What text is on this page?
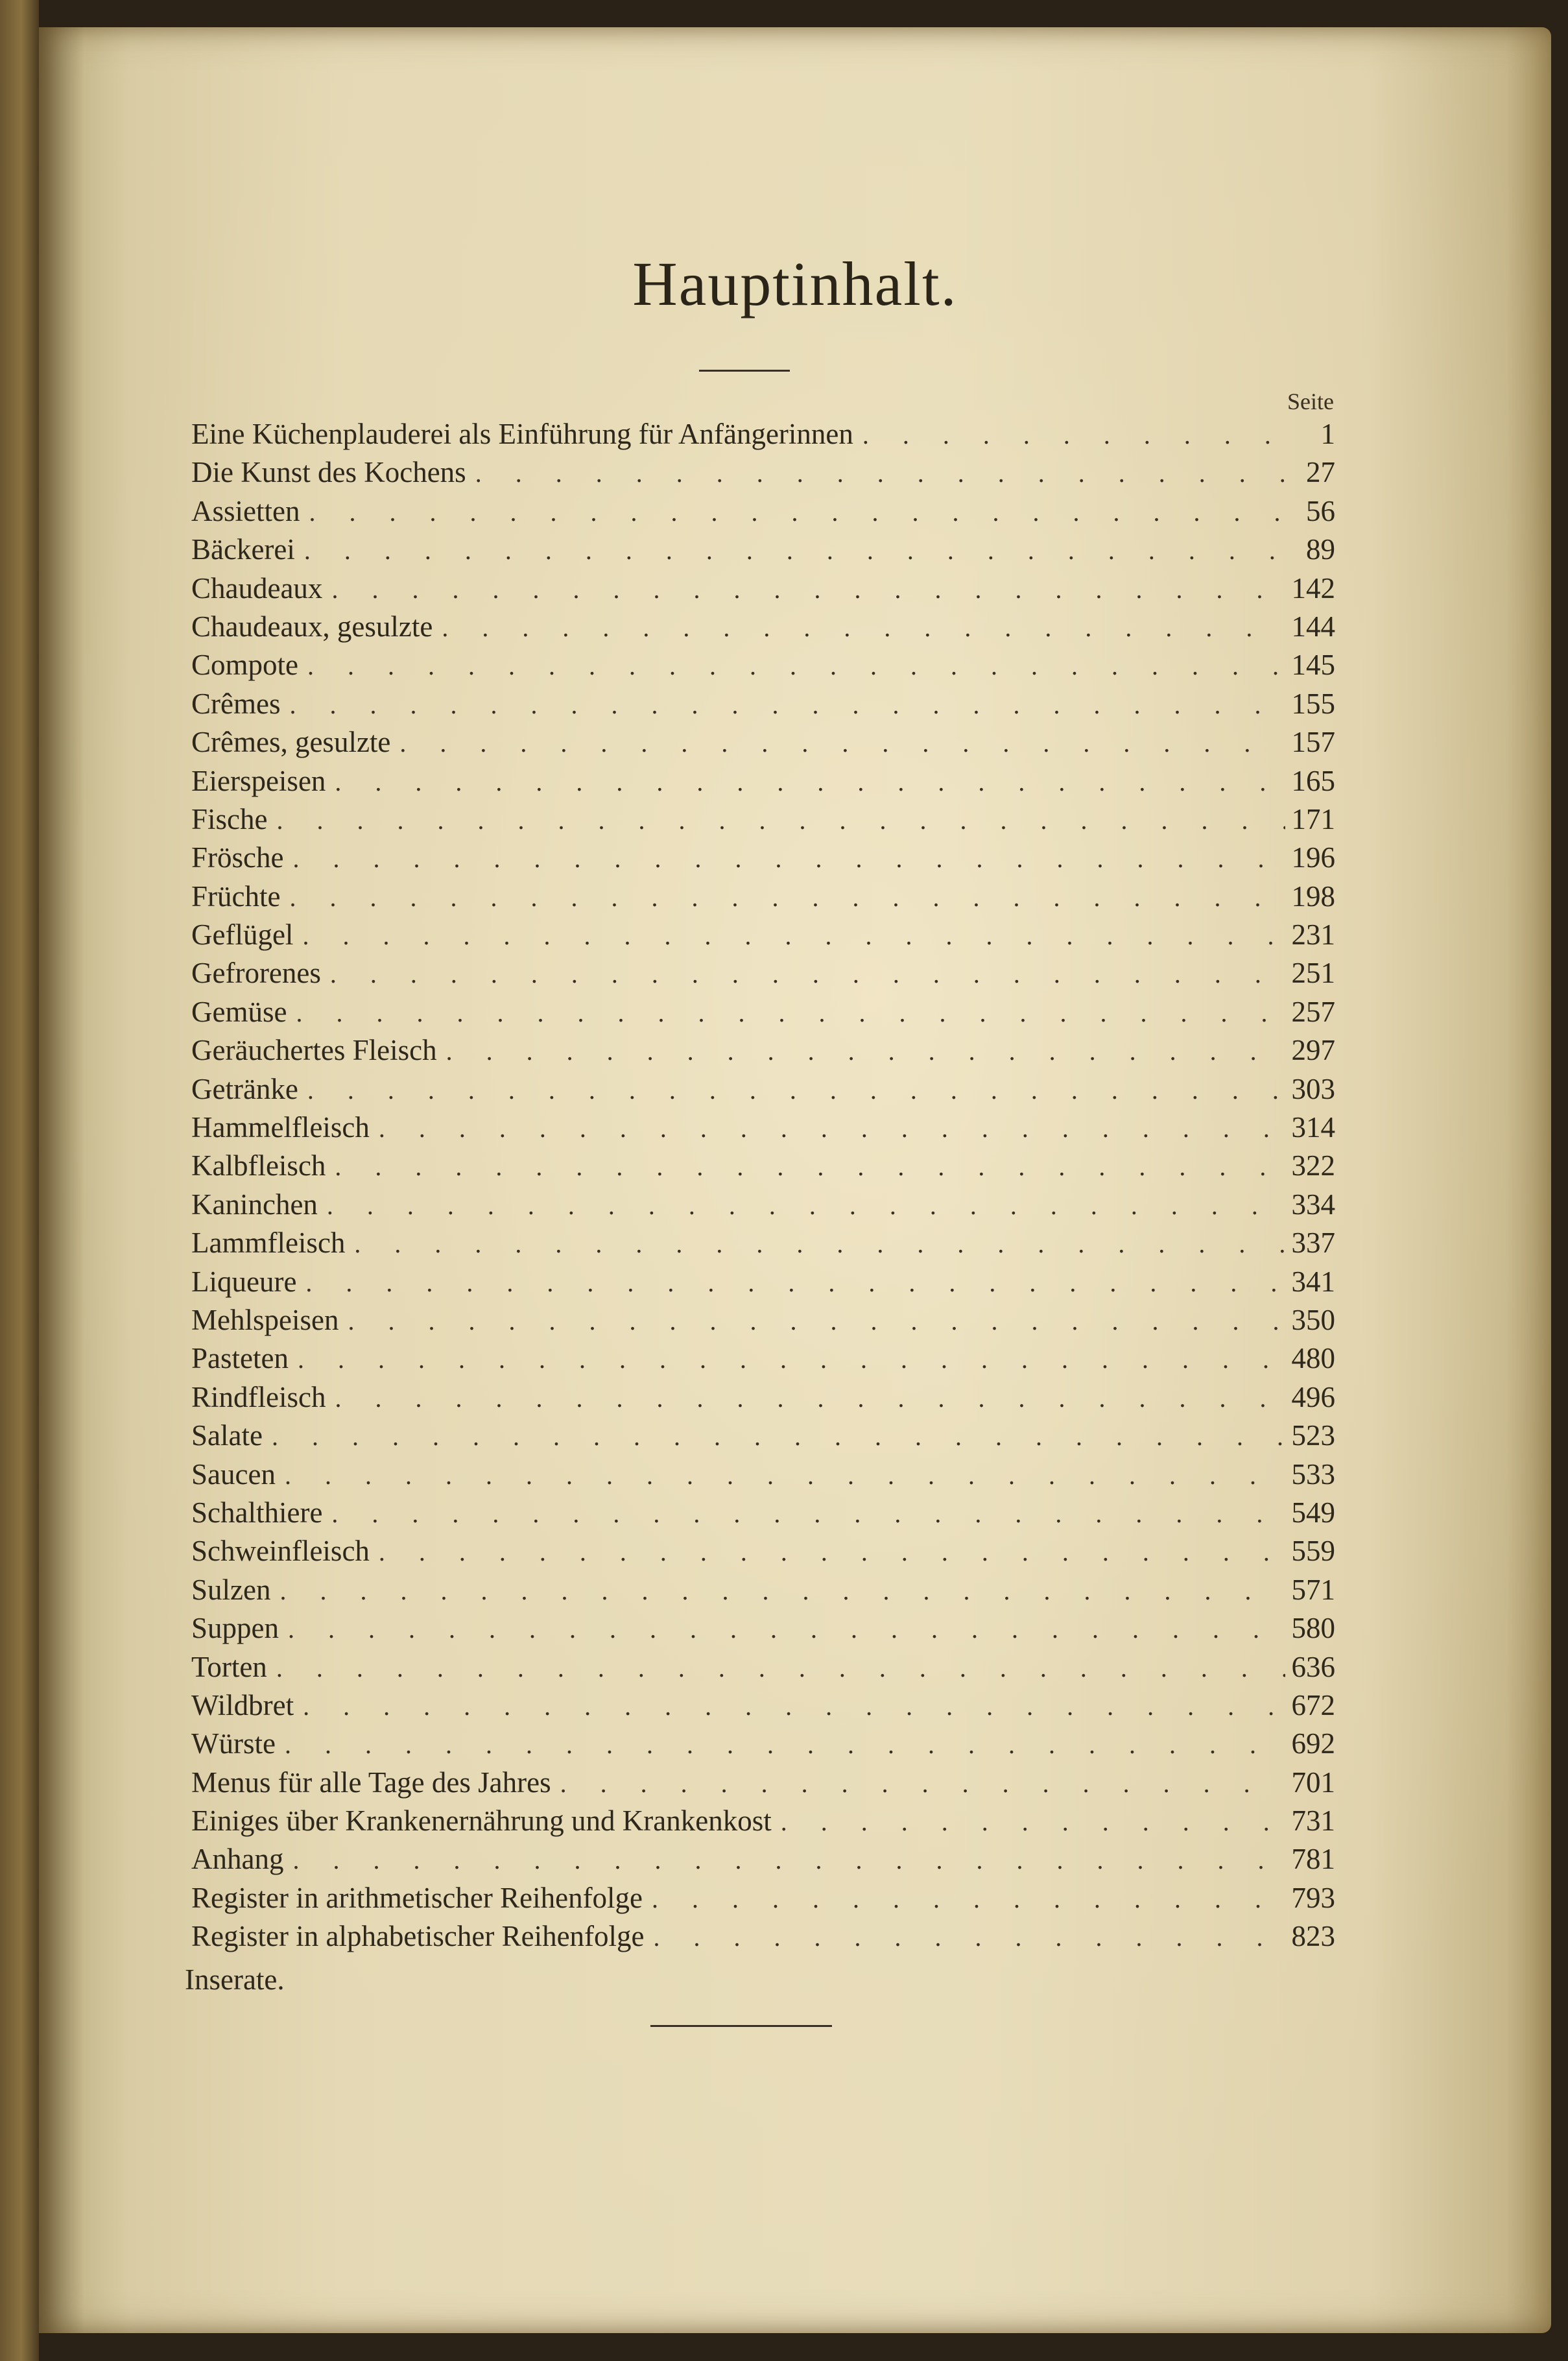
Hauptinhalt.
Seite
Eine Küchenplauderei als Einführung für Anfängerinnen . . .	1
Die Kunst des Kochens . . .	27
Assietten . . .	56
Bäckerei . . .	89
Chaudeaux . . .	142
Chaudeaux, gesulzte . . .	144
Compote . . .	145
Crêmes . . .	155
Crêmes, gesulzte . . .	157
Eierspeisen . . .	165
Fische . . .	171
Frösche . . .	196
Früchte . . .	198
Geflügel . . .	231
Gefrorenes . . .	251
Gemüse . . .	257
Geräuchertes Fleisch . . .	297
Getränke . . .	303
Hammelfleisch . . .	314
Kalbfleisch . . .	322
Kaninchen . . .	334
Lammfleisch . . .	337
Liqueure . . .	341
Mehlspeisen . . .	350
Pasteten . . .	480
Rindfleisch . . .	496
Salate . . .	523
Saucen . . .	533
Schalthiere . . .	549
Schweinfleisch . . .	559
Sulzen . . .	571
Suppen . . .	580
Torten . . .	636
Wildbret . . .	672
Würste . . .	692
Menus für alle Tage des Jahres . . .	701
Einiges über Krankenernährung und Krankenkost . . .	731
Anhang . . .	781
Register in arithmetischer Reihenfolge . . .	793
Register in alphabetischer Reihenfolge . . .	823
Inserate.
